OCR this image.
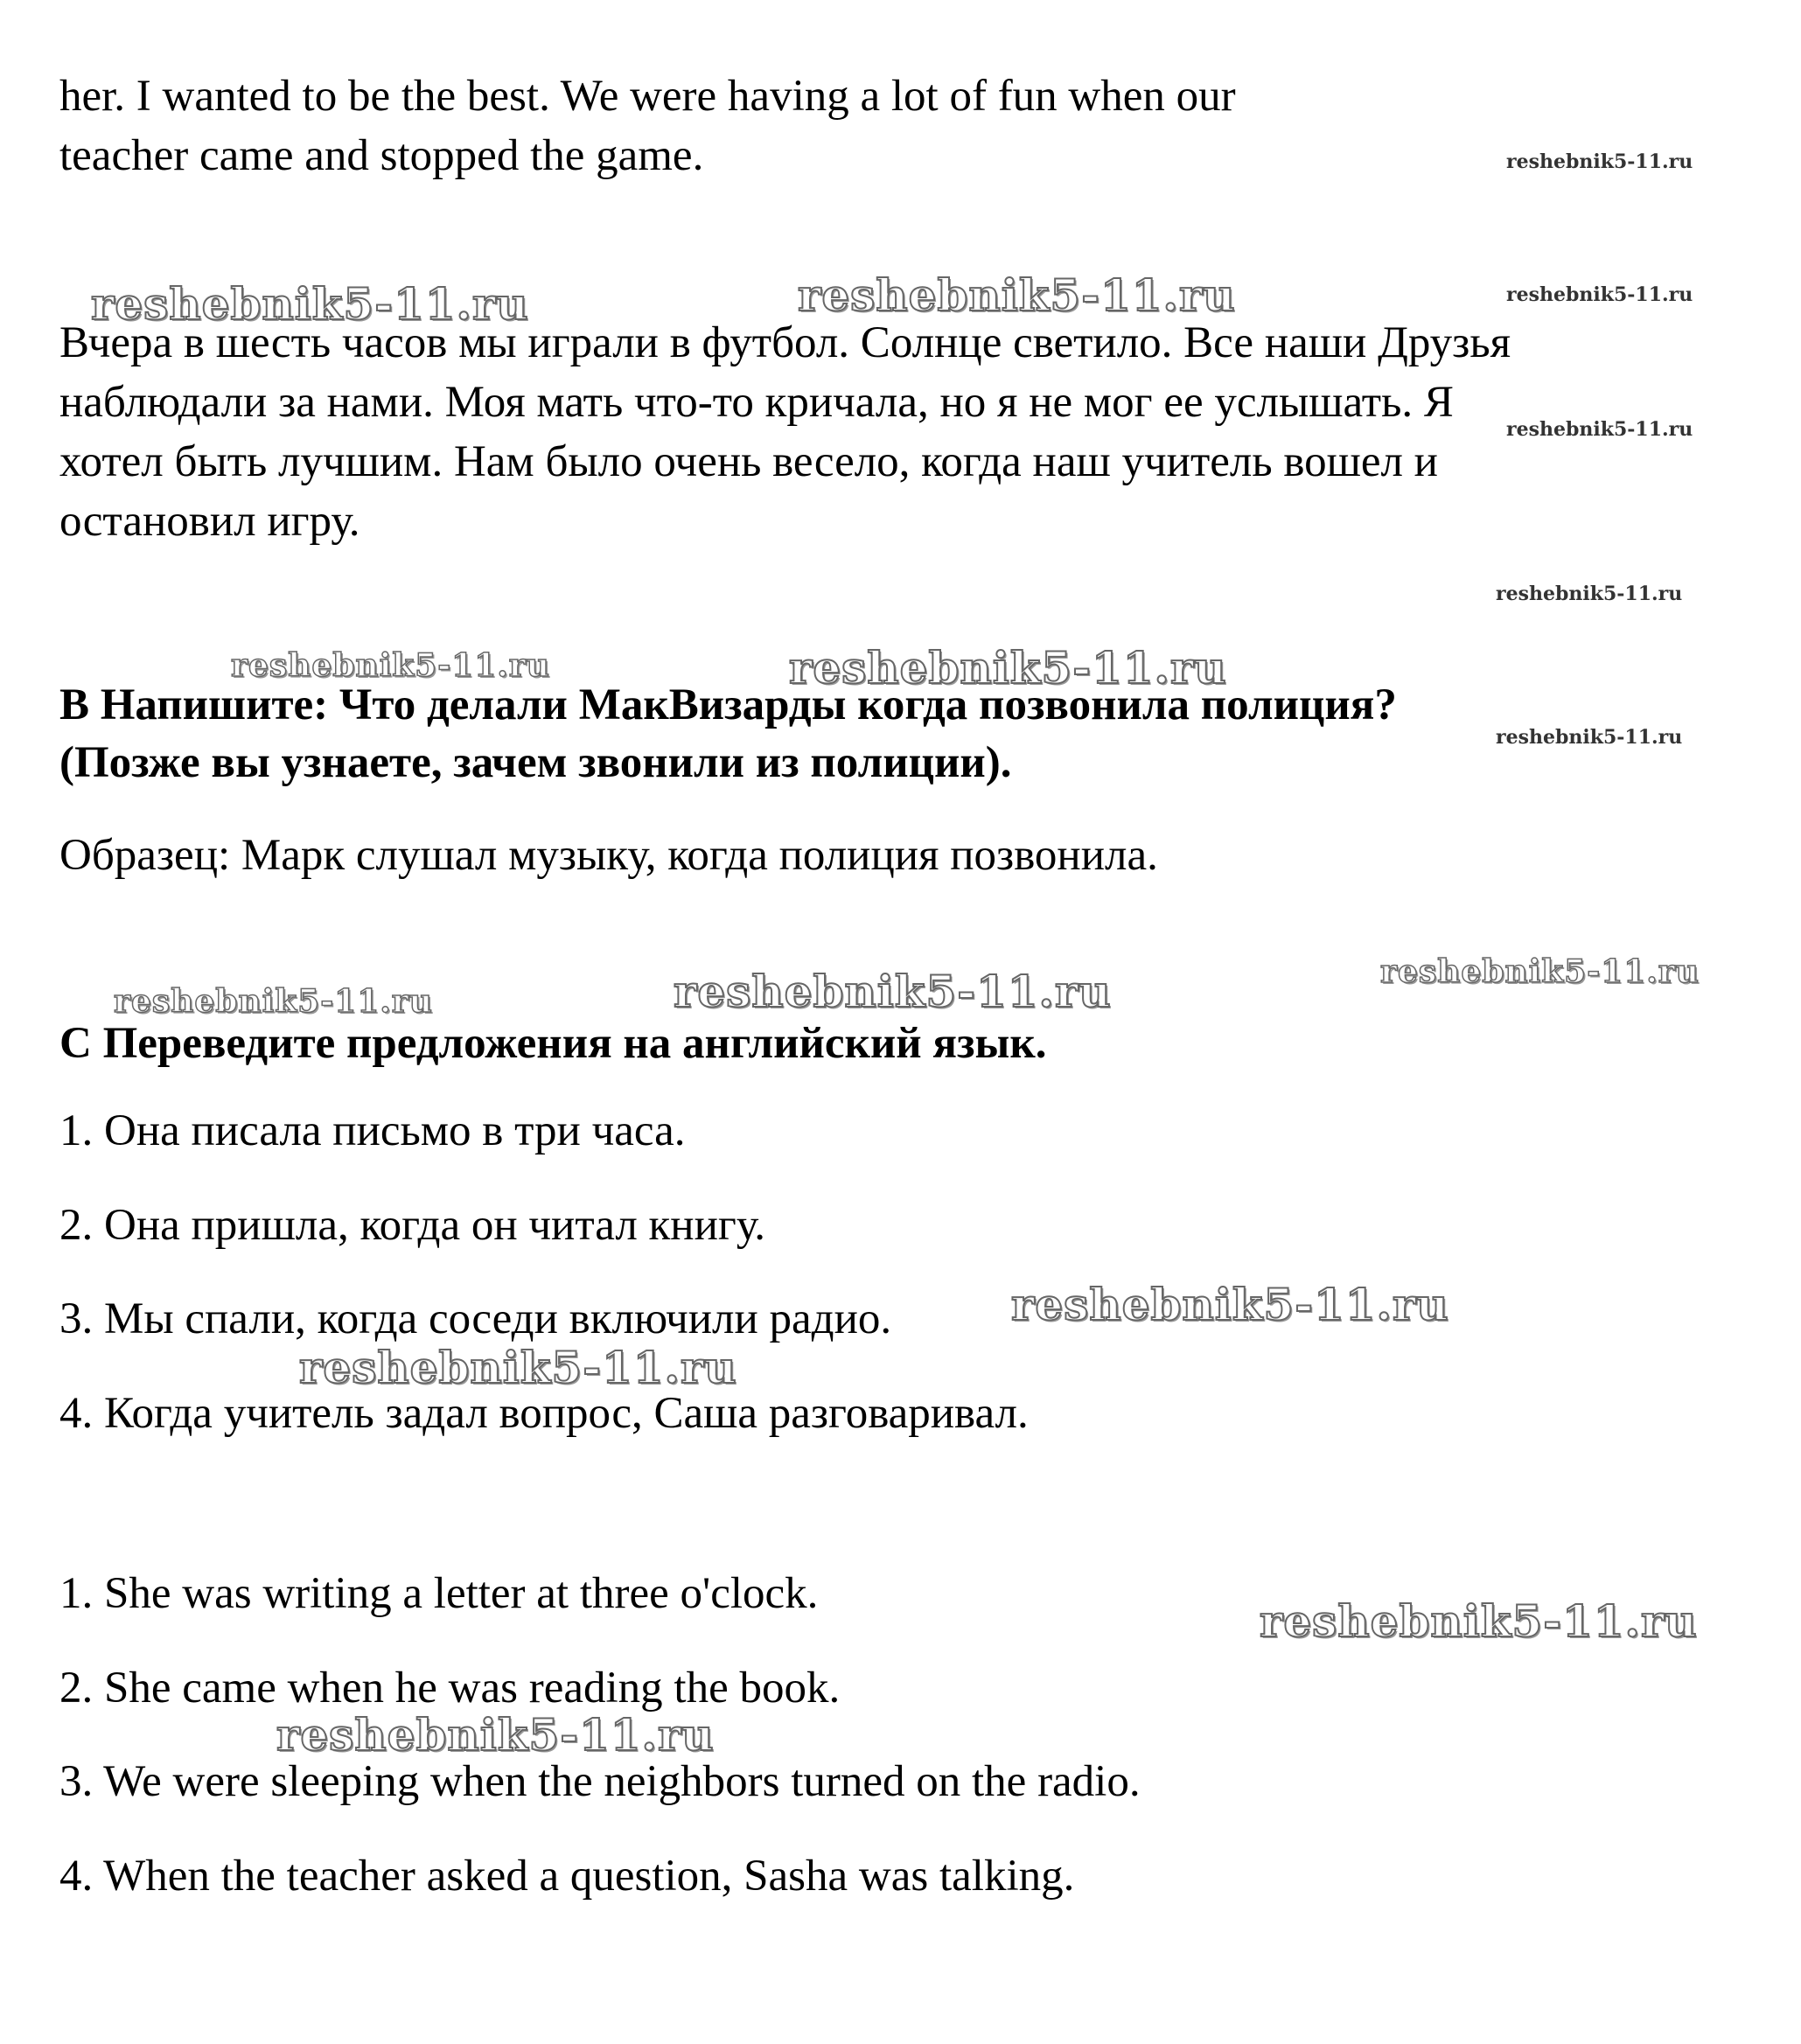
her. I wanted to be the best. We were having a lot of fun when our
teacher came and stopped the game.
Вчера в шесть часов мы играли в футбол. Солнце светило. Все наши Друзья
наблюдали за нами. Моя мать что-то кричала, но я не мог ее услышать. Я
хотел быть лучшим. Нам было очень весело, когда наш учитель вошел и
остановил игру.
В Напишите: Что делали МакВизарды когда позвонила полиция?
(Позже вы узнаете, зачем звонили из полиции).
Образец: Марк слушал музыку, когда полиция позвонила.
С Переведите предложения на английский язык.
1. Она писала письмо в три часа.
2. Она пришла, когда он читал книгу.
3. Мы спали, когда соседи включили радио.
4. Когда учитель задал вопрос, Саша разговаривал.
1. She was writing a letter at three o'clock.
2. She came when he was reading the book.
3. We were sleeping when the neighbors turned on the radio.
4. When the teacher asked a question, Sasha was talking.
reshebnik5-11.ru
reshebnik5-11.ru	reshebnik5-11.ru	reshebnik5-11.ru
reshebnik5-11.ru
reshebnik5-11.ru
reshebnik5-11.ru	reshebnik5-11.ru
reshebnik5-11.ru
reshebnik5-11.ru
reshebnik5-11.ru	reshebnik5-11.ru
reshebnik5-11.ru
reshebnik5-11.ru
reshebnik5-11.ru
reshebnik5-11.ru
